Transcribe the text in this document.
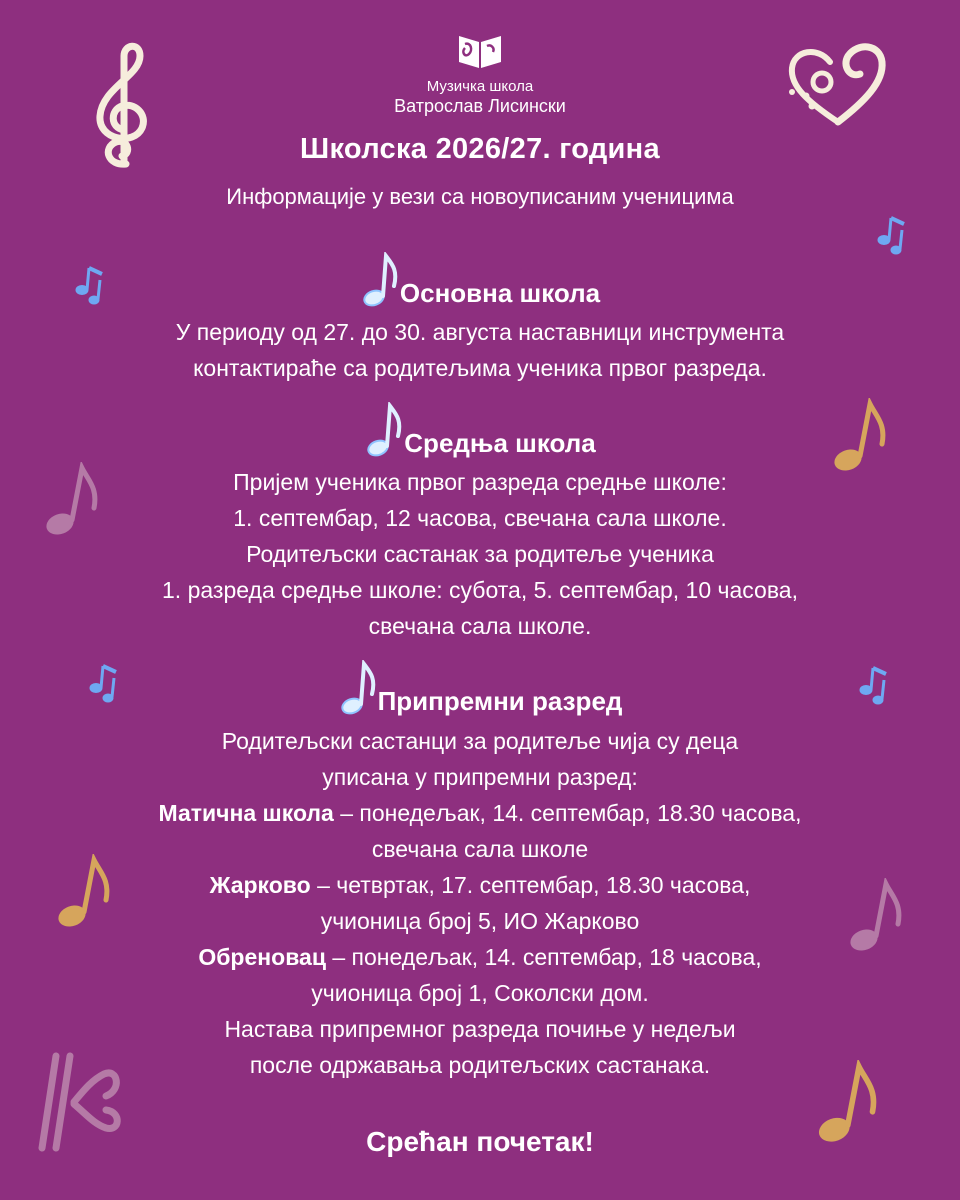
Музичка школа
Ватрослав Лисински
Школска 2026/27. година
Информације у вези са новоуписаним ученицима
Основна школа
У периоду од 27. до 30. августа наставници инструмента
контактираће са родитељима ученика првог разреда.
Средња школа
Пријем ученика првог разреда средње школе:
1. септембар, 12 часова, свечана сала школе.
Родитељски састанак за родитеље ученика
1. разреда средње школе: субота, 5. септембар, 10 часова,
свечана сала школе.
Припремни разред
Родитељски састанци за родитеље чија су деца
уписана у припремни разред:
Матична школа – понедељак, 14. септембар, 18.30 часова,
свечана сала школе
Жарково – четвртак, 17. септембар, 18.30 часова,
учионица број 5, ИО Жарково
Обреновац – понедељак, 14. септембар, 18 часова,
учионица број 1, Соколски дом.
Настава припремног разреда почиње у недељи
после одржавања родитељских састанака.
Срећан почетак!
